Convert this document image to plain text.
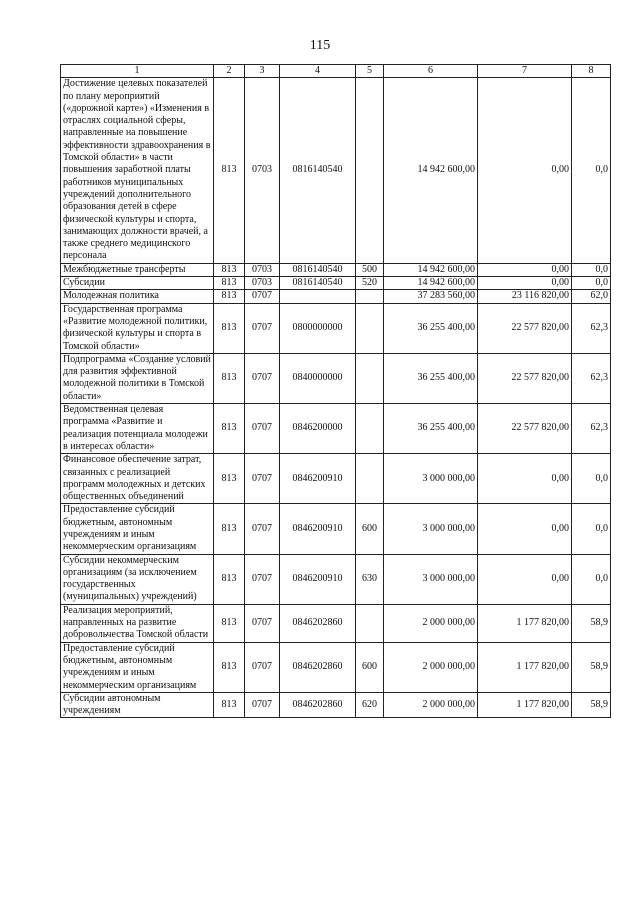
115
1	2	3	4	5	6	7	8
Достижение целевых показателей по плану мероприятий («дорожной карте») «Изменения в отраслях социальной сферы, направленные на повышение эффективности здравоохранения в Томской области» в части повышения заработной платы работников муниципальных учреждений дополнительного образования детей в сфере физической культуры и спорта, занимающих должности врачей, а также среднего медицинского персонала	813	0703	0816140540		14 942 600,00	0,00	0,0
Межбюджетные трансферты	813	0703	0816140540	500	14 942 600,00	0,00	0,0
Субсидии	813	0703	0816140540	520	14 942 600,00	0,00	0,0
Молодежная политика	813	0707			37 283 560,00	23 116 820,00	62,0
Государственная программа «Развитие молодежной политики, физической культуры и спорта в Томской области»	813	0707	0800000000		36 255 400,00	22 577 820,00	62,3
Подпрограмма «Создание условий для развития эффективной молодежной политики в Томской области»	813	0707	0840000000		36 255 400,00	22 577 820,00	62,3
Ведомственная целевая программа «Развитие и реализация потенциала молодежи в интересах области»	813	0707	0846200000		36 255 400,00	22 577 820,00	62,3
Финансовое обеспечение затрат, связанных с реализацией программ молодежных и детских общественных объединений	813	0707	0846200910		3 000 000,00	0,00	0,0
Предоставление субсидий бюджетным, автономным учреждениям и иным некоммерческим организациям	813	0707	0846200910	600	3 000 000,00	0,00	0,0
Субсидии некоммерческим организациям (за исключением государственных (муниципальных) учреждений)	813	0707	0846200910	630	3 000 000,00	0,00	0,0
Реализация мероприятий, направленных на развитие добровольчества Томской области	813	0707	0846202860		2 000 000,00	1 177 820,00	58,9
Предоставление субсидий бюджетным, автономным учреждениям и иным некоммерческим организациям	813	0707	0846202860	600	2 000 000,00	1 177 820,00	58,9
Субсидии автономным учреждениям	813	0707	0846202860	620	2 000 000,00	1 177 820,00	58,9
